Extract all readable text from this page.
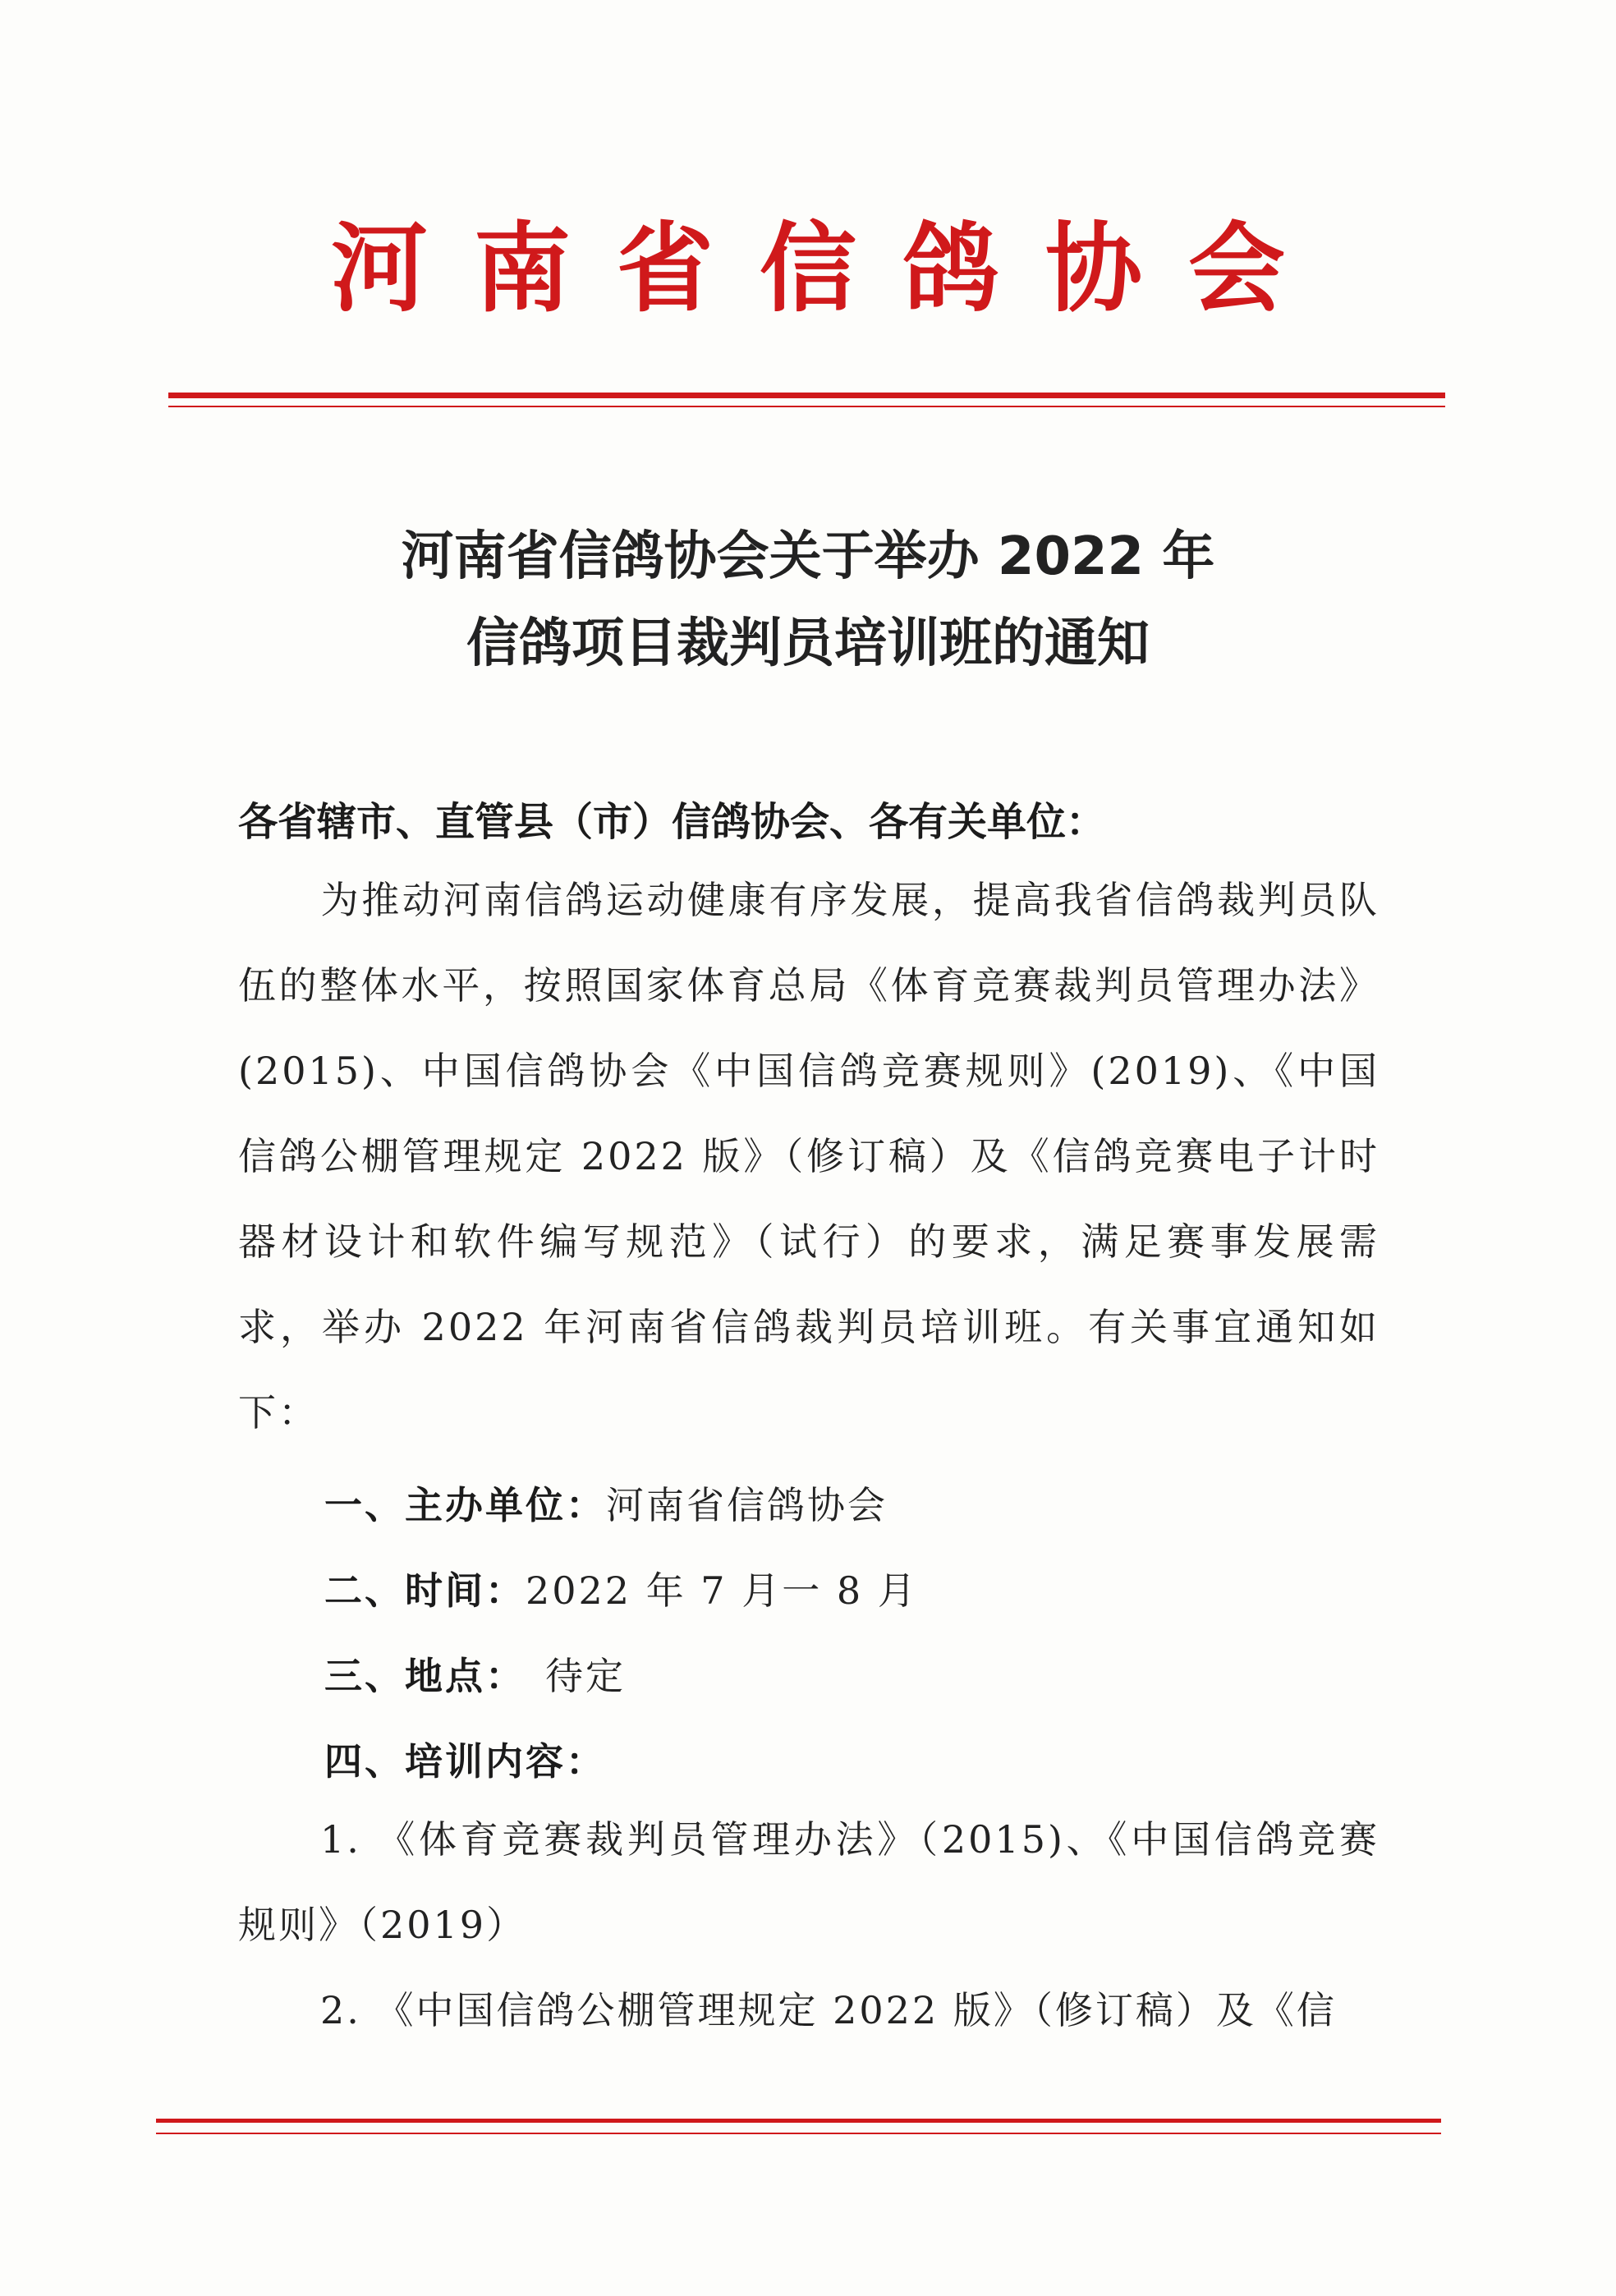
河南省信鸽协会
河南省信鸽协会关于举办 2022 年
信鸽项目裁判员培训班的通知
各省辖市、直管县（市）信鸽协会、各有关单位：
为推动河南信鸽运动健康有序发展，提高我省信鸽裁判员队伍的整体水平，按照国家体育总局《体育竞赛裁判员管理办法》(2015)、中国信鸽协会《中国信鸽竞赛规则》(2019)、《中国信鸽公棚管理规定 2022 版》（修订稿）及《信鸽竞赛电子计时器材设计和软件编写规范》（试行）的要求，满足赛事发展需求，举办 2022 年河南省信鸽裁判员培训班。有关事宜通知如下：
一、主办单位：河南省信鸽协会
二、时间：2022 年 7 月一 8 月
三、地点： 待定
四、培训内容：
1. 《体育竞赛裁判员管理办法》（2015)、《中国信鸽竞赛规则》（2019）
2. 《中国信鸽公棚管理规定 2022 版》（修订稿）及《信
